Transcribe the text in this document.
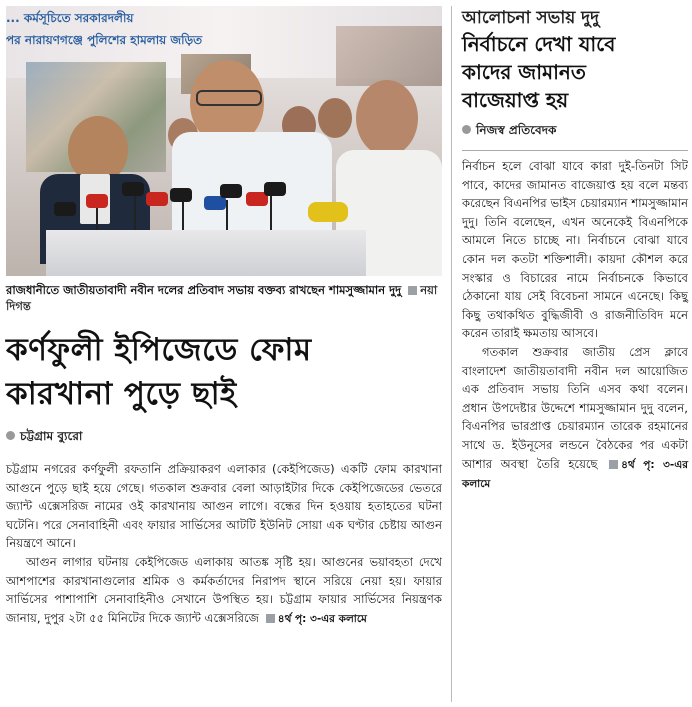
... কর্মসূচিতে সরকারদলীয়
পর নারায়ণগঞ্জে পুলিশের হামলায় জড়িত
রাজধানীতে জাতীয়তাবাদী নবীন দলের প্রতিবাদ সভায় বক্তব্য রাখছেন শামসুজ্জামান দুদু নয়া দিগন্ত
কর্ণফুলী ইপিজেডে ফোম
কারখানা পুড়ে ছাই
চট্টগ্রাম ব্যুরো

চট্টগ্রাম নগরের কর্ণফুলী রফতানি প্রক্রিয়াকরণ এলাকার (কেইপিজেড) একটি ফোম কারখানা আগুনে পুড়ে ছাই হয়ে গেছে। গতকাল শুক্রবার বেলা আড়াইটার দিকে কেইপিজেডের ভেতরে জ্যান্ট এক্সেসরিজ নামের ওই কারখানায় আগুন লাগে। বন্ধের দিন হওয়ায় হতাহতের ঘটনা ঘটেনি। পরে সেনাবাহিনী এবং ফায়ার সার্ভিসের আটটি ইউনিট সোয়া এক ঘণ্টার চেষ্টায় আগুন নিয়ন্ত্রণে আনে।

আগুন লাগার ঘটনায় কেইপিজেড এলাকায় আতঙ্ক সৃষ্টি হয়। আগুনের ভয়াবহতা দেখে আশপাশের কারখানাগুলোর শ্রমিক ও কর্মকর্তাদের নিরাপদ স্থানে সরিয়ে নেয়া হয়। ফায়ার সার্ভিসের পাশাপাশি সেনাবাহিনীও সেখানে উপস্থিত হয়। চট্টগ্রাম ফায়ার সার্ভিসের নিয়ন্ত্রণক জানায়, দুপুর ২টা ৫৫ মিনিটের দিকে জ্যান্ট এক্সেসরিজে ৪র্থ পৃ: ৩-এর কলামে

আলোচনা সভায় দুদু
নির্বাচনে দেখা যাবে
কাদের জামানত
বাজেয়াপ্ত হয়
নিজস্ব প্রতিবেদক

নির্বাচন হলে বোঝা যাবে কারা দুই-তিনটা সিট পাবে, কাদের জামানত বাজেয়াপ্ত হয় বলে মন্তব্য করেছেন বিএনপির ভাইস চেয়ারম্যান শামসুজ্জামান দুদু। তিনি বলেছেন, এখন অনেকেই বিএনপিকে আমলে নিতে চাচ্ছে না। নির্বাচনে বোঝা যাবে কোন দল কতটা শক্তিশালী। কায়দা কৌশল করে সংস্কার ও বিচারের নামে নির্বাচনকে কিভাবে ঠেকানো যায় সেই বিবেচনা সামনে এনেছে। কিছু কিছু তথাকথিত বুদ্ধিজীবী ও রাজনীতিবিদ মনে করেন তারাই ক্ষমতায় আসবে।

গতকাল শুক্রবার জাতীয় প্রেস ক্লাবে বাংলাদেশ জাতীয়তাবাদী নবীন দল আয়োজিত এক প্রতিবাদ সভায় তিনি এসব কথা বলেন। প্রধান উপদেষ্টার উদ্দেশে শামসুজ্জামান দুদু বলেন, বিএনপির ভারপ্রাপ্ত চেয়ারম্যান তারেক রহমানের সাথে ড. ইউনূসের লন্ডনে বৈঠকের পর একটা আশার অবস্থা তৈরি হয়েছে ৪র্থ পৃ: ৩-এর কলামে
